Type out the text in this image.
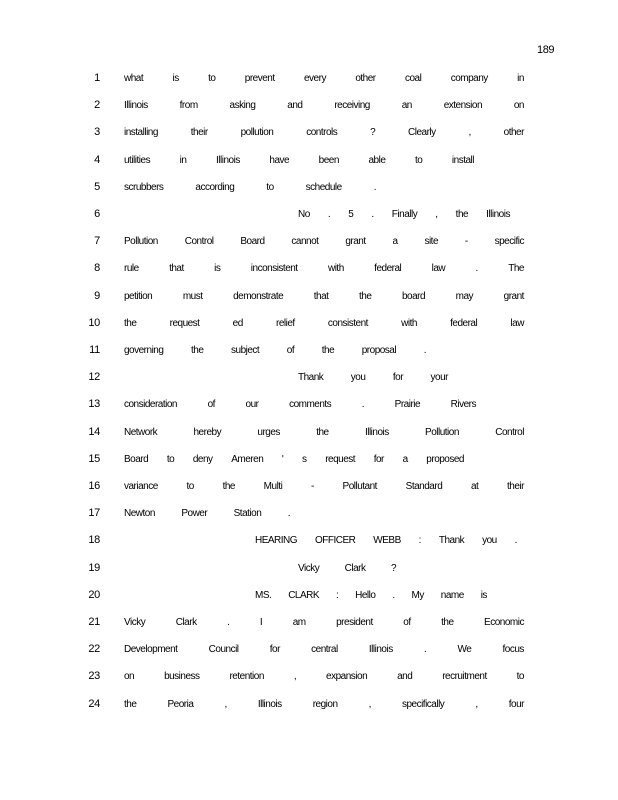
189
1 what	is	to	prevent	every	other	coal	company	in
2 Illinois	from	asking	and	receiving	an	extension	on
3 installing	their	pollution	controls	?	Clearly	,	other
4 utilities	in	Illinois	have	been	able	to	install
5 scrubbers	according	to	schedule	.
6	No . 5 . Finally , the Illinois
7 Pollution	Control	Board	cannot	grant	a	site	-	specific
8 rule	that	is	inconsistent	with	federal	law	.	The
9 petition	must	demonstrate	that	the	board	may	grant
10 the	request	ed	relief	consistent	with	federal	law
11 governing	the	subject	of	the	proposal	.
12	Thank	you	for	your
13 consideration	of	our	comments	.	Prairie	Rivers
14 Network	hereby	urges	the	Illinois	Pollution	Control
15 Board to deny Ameren ' s request for a proposed
16 variance	to	the	Multi	-	Pollutant	Standard	at	their
17 Newton	Power	Station	.
18	HEARING OFFICER WEBB : Thank you .
19	Vicky	Clark	?
20	MS. CLARK : Hello . My name is
21 Vicky	Clark	.	I	am	president	of	the	Economic
22 Development	Council	for	central	Illinois	.	We	focus
23 on	business	retention	,	expansion	and	recruitment	to
24 the	Peoria	,	Illinois	region	,	specifically	,	four
